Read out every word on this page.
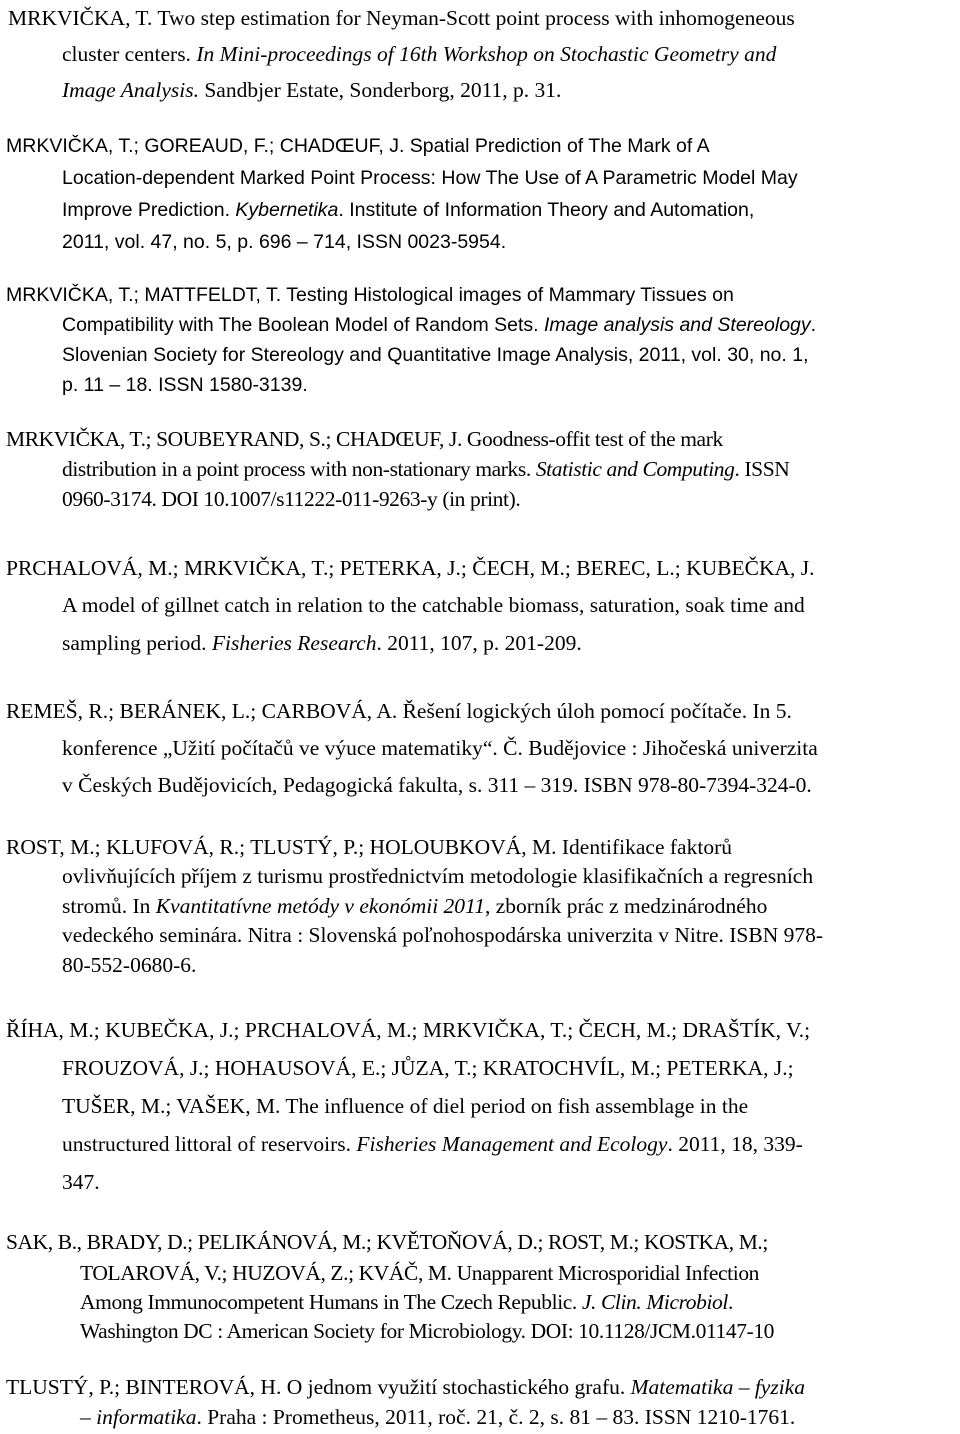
MRKVIČKA, T. Two step estimation for Neyman-Scott point process with inhomogeneous
cluster centers. In Mini-proceedings of 16th Workshop on Stochastic Geometry and
Image Analysis. Sandbjer Estate, Sonderborg, 2011, p. 31.
MRKVIČKA, T.; GOREAUD, F.; CHADŒUF, J. Spatial Prediction of The Mark of A
Location-dependent Marked Point Process: How The Use of A Parametric Model May
Improve Prediction. Kybernetika. Institute of Information Theory and Automation,
2011, vol. 47, no. 5, p. 696 – 714, ISSN 0023-5954.
MRKVIČKA, T.; MATTFELDT, T. Testing Histological images of Mammary Tissues on
Compatibility with The Boolean Model of Random Sets. Image analysis and Stereology.
Slovenian Society for Stereology and Quantitative Image Analysis, 2011, vol. 30, no. 1,
p. 11 – 18. ISSN 1580-3139.
MRKVIČKA, T.; SOUBEYRAND, S.; CHADŒUF, J. Goodness-offit test of the mark
distribution in a point process with non-stationary marks. Statistic and Computing. ISSN
0960-3174. DOI 10.1007/s11222-011-9263-y (in print).
PRCHALOVÁ, M.; MRKVIČKA, T.; PETERKA, J.; ČECH, M.; BEREC, L.; KUBEČKA, J.
A model of gillnet catch in relation to the catchable biomass, saturation, soak time and
sampling period. Fisheries Research. 2011, 107, p. 201-209.
REMEŠ, R.; BERÁNEK, L.; CARBOVÁ, A. Řešení logických úloh pomocí počítače. In 5.
konference „Užití počítačů ve výuce matematiky“. Č. Budějovice : Jihočeská univerzita
v Českých Budějovicích, Pedagogická fakulta, s. 311 – 319. ISBN 978-80-7394-324-0.
ROST, M.; KLUFOVÁ, R.; TLUSTÝ, P.; HOLOUBKOVÁ, M. Identifikace faktorů
ovlivňujících příjem z turismu prostřednictvím metodologie klasifikačních a regresních
stromů. In Kvantitatívne metódy v ekonómii 2011, zborník prác z medzinárodného
vedeckého seminára. Nitra : Slovenská poľnohospodárska univerzita v Nitre. ISBN 978-
80-552-0680-6.
ŘÍHA, M.; KUBEČKA, J.; PRCHALOVÁ, M.; MRKVIČKA, T.; ČECH, M.; DRAŠTÍK, V.;
FROUZOVÁ, J.; HOHAUSOVÁ, E.; JŮZA, T.; KRATOCHVÍL, M.; PETERKA, J.;
TUŠER, M.; VAŠEK, M. The influence of diel period on fish assemblage in the
unstructured littoral of reservoirs. Fisheries Management and Ecology. 2011, 18, 339-
347.
SAK, B., BRADY, D.; PELIKÁNOVÁ, M.; KVĚTOŇOVÁ, D.; ROST, M.; KOSTKA, M.;
TOLAROVÁ, V.; HUZOVÁ, Z.; KVÁČ, M. Unapparent Microsporidial Infection
Among Immunocompetent Humans in The Czech Republic. J. Clin. Microbiol.
Washington DC : American Society for Microbiology. DOI: 10.1128/JCM.01147-10
TLUSTÝ, P.; BINTEROVÁ, H. O jednom využití stochastického grafu. Matematika – fyzika
– informatika. Praha : Prometheus, 2011, roč. 21, č. 2, s. 81 – 83. ISSN 1210-1761.
